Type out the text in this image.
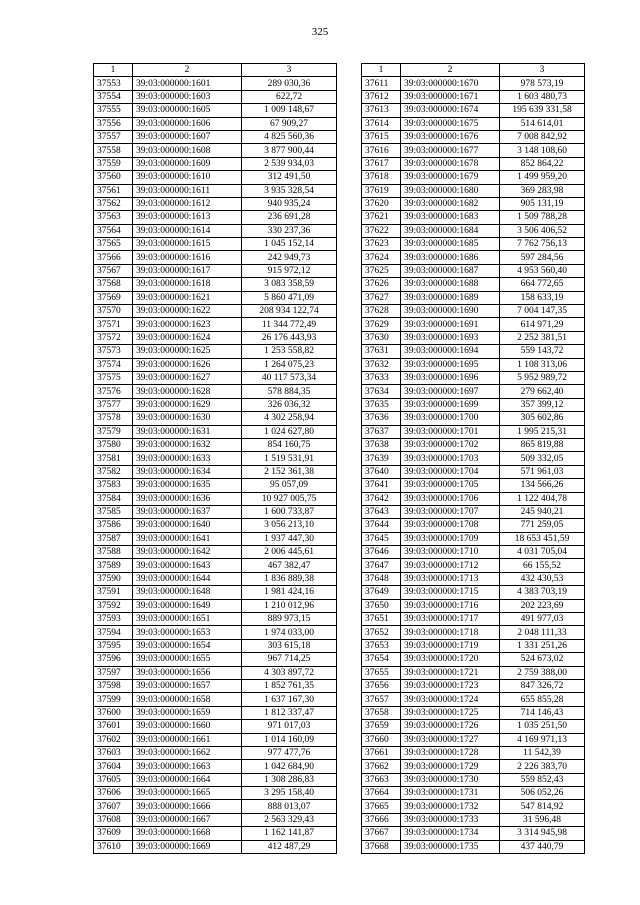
325
1	2	3
37553	39:03:000000:1601	289 030,36
37554	39:03:000000:1603	622,72
37555	39:03:000000:1605	1 009 148,67
37556	39:03:000000:1606	67 909,27
37557	39:03:000000:1607	4 825 560,36
37558	39:03:000000:1608	3 877 900,44
37559	39:03:000000:1609	2 539 934,03
37560	39:03:000000:1610	312 491,50
37561	39:03:000000:1611	3 935 328,54
37562	39:03:000000:1612	940 935,24
37563	39:03:000000:1613	236 691,28
37564	39:03:000000:1614	330 237,36
37565	39:03:000000:1615	1 045 152,14
37566	39:03:000000:1616	242 949,73
37567	39:03:000000:1617	915 972,12
37568	39:03:000000:1618	3 083 358,59
37569	39:03:000000:1621	5 860 471,09
37570	39:03:000000:1622	208 934 122,74
37571	39:03:000000:1623	11 344 772,49
37572	39:03:000000:1624	26 176 443,93
37573	39:03:000000:1625	1 253 558,82
37574	39:03:000000:1626	1 264 075,23
37575	39:03:000000:1627	40 117 573,34
37576	39:03:000000:1628	578 884,35
37577	39:03:000000:1629	326 036,32
37578	39:03:000000:1630	4 302 258,94
37579	39:03:000000:1631	1 024 627,80
37580	39:03:000000:1632	854 160,75
37581	39:03:000000:1633	1 519 531,91
37582	39:03:000000:1634	2 152 361,38
37583	39:03:000000:1635	95 057,09
37584	39:03:000000:1636	10 927 005,75
37585	39:03:000000:1637	1 600 733,87
37586	39:03:000000:1640	3 056 213,10
37587	39:03:000000:1641	1 937 447,30
37588	39:03:000000:1642	2 006 445,61
37589	39:03:000000:1643	467 382,47
37590	39:03:000000:1644	1 836 889,38
37591	39:03:000000:1648	1 981 424,16
37592	39:03:000000:1649	1 210 012,96
37593	39:03:000000:1651	889 973,15
37594	39:03:000000:1653	1 974 033,00
37595	39:03:000000:1654	303 615,18
37596	39:03:000000:1655	967 714,25
37597	39:03:000000:1656	4 303 897,72
37598	39:03:000000:1657	1 852 761,35
37599	39:03:000000:1658	1 637 167,30
37600	39:03:000000:1659	1 812 337,47
37601	39:03:000000:1660	971 017,03
37602	39:03:000000:1661	1 014 160,09
37603	39:03:000000:1662	977 477,76
37604	39:03:000000:1663	1 042 684,90
37605	39:03:000000:1664	1 308 286,83
37606	39:03:000000:1665	3 295 158,40
37607	39:03:000000:1666	888 013,07
37608	39:03:000000:1667	2 563 329,43
37609	39:03:000000:1668	1 162 141,87
37610	39:03:000000:1669	412 487,29
1	2	3
37611	39:03:000000:1670	978 573,19
37612	39:03:000000:1671	1 603 480,73
37613	39:03:000000:1674	195 639 331,58
37614	39:03:000000:1675	514 614,01
37615	39:03:000000:1676	7 008 842,92
37616	39:03:000000:1677	3 148 108,60
37617	39:03:000000:1678	852 864,22
37618	39:03:000000:1679	1 499 959,20
37619	39:03:000000:1680	369 283,98
37620	39:03:000000:1682	905 131,19
37621	39:03:000000:1683	1 509 788,28
37622	39:03:000000:1684	3 506 406,52
37623	39:03:000000:1685	7 762 756,13
37624	39:03:000000:1686	597 284,56
37625	39:03:000000:1687	4 953 560,40
37626	39:03:000000:1688	664 772,65
37627	39:03:000000:1689	158 633,19
37628	39:03:000000:1690	7 004 147,35
37629	39:03:000000:1691	614 971,29
37630	39:03:000000:1693	2 252 381,51
37631	39:03:000000:1694	559 143,72
37632	39:03:000000:1695	1 108 313,06
37633	39:03:000000:1696	5 952 989,72
37634	39:03:000000:1697	279 662,40
37635	39:03:000000:1699	357 399,12
37636	39:03:000000:1700	305 602,86
37637	39:03:000000:1701	1 995 215,31
37638	39:03:000000:1702	865 819,88
37639	39:03:000000:1703	509 332,05
37640	39:03:000000:1704	571 961,03
37641	39:03:000000:1705	134 566,26
37642	39:03:000000:1706	1 122 404,78
37643	39:03:000000:1707	245 940,21
37644	39:03:000000:1708	771 259,05
37645	39:03:000000:1709	18 653 451,59
37646	39:03:000000:1710	4 031 705,04
37647	39:03:000000:1712	66 155,52
37648	39:03:000000:1713	432 430,53
37649	39:03:000000:1715	4 383 703,19
37650	39:03:000000:1716	202 223,69
37651	39:03:000000:1717	491 977,03
37652	39:03:000000:1718	2 048 111,33
37653	39:03:000000:1719	1 331 251,26
37654	39:03:000000:1720	524 673,02
37655	39:03:000000:1721	2 759 388,00
37656	39:03:000000:1723	847 326,72
37657	39:03:000000:1724	655 855,28
37658	39:03:000000:1725	714 146,43
37659	39:03:000000:1726	1 035 251,50
37660	39:03:000000:1727	4 169 971,13
37661	39:03:000000:1728	11 542,39
37662	39:03:000000:1729	2 226 383,70
37663	39:03:000000:1730	559 852,43
37664	39:03:000000:1731	506 052,26
37665	39:03:000000:1732	547 814,92
37666	39:03:000000:1733	31 596,48
37667	39:03:000000:1734	3 314 945,98
37668	39:03:000000:1735	437 440,79
